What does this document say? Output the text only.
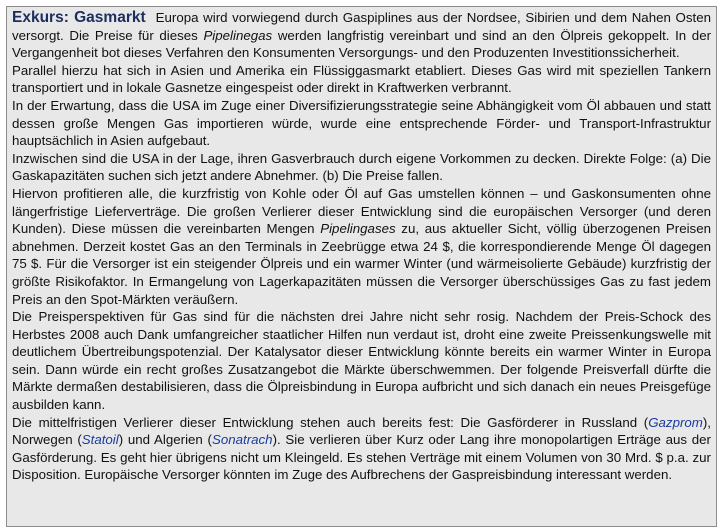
Exkurs: Gasmarkt Europa wird vorwiegend durch Gaspiplines aus der Nordsee, Sibirien und dem Nahen Osten versorgt. Die Preise für dieses Pipelinegas werden langfristig vereinbart und sind an den Ölpreis gekoppelt. In der Vergangenheit bot dieses Verfahren den Konsumenten Versorgungs- und den Produzenten Investitionssicherheit.

Parallel hierzu hat sich in Asien und Amerika ein Flüssiggasmarkt etabliert. Dieses Gas wird mit speziellen Tankern transportiert und in lokale Gasnetze eingespeist oder direkt in Kraftwerken verbrannt.

In der Erwartung, dass die USA im Zuge einer Diversifizierungsstrategie seine Abhängigkeit vom Öl abbauen und statt dessen große Mengen Gas importieren würde, wurde eine entsprechende Förder- und Transport-Infrastruktur hauptsächlich in Asien aufgebaut.

Inzwischen sind die USA in der Lage, ihren Gasverbrauch durch eigene Vorkommen zu decken. Direkte Folge: (a) Die Gaskapazitäten suchen sich jetzt andere Abnehmer. (b) Die Preise fallen.

Hiervon profitieren alle, die kurzfristig von Kohle oder Öl auf Gas umstellen können – und Gaskonsumenten ohne längerfristige Lieferverträge. Die großen Verlierer dieser Entwicklung sind die europäischen Versorger (und deren Kunden). Diese müssen die vereinbarten Mengen Pipelingases zu, aus aktueller Sicht, völlig überzogenen Preisen abnehmen. Derzeit kostet Gas an den Terminals in Zeebrügge etwa 24 $, die korrespondierende Menge Öl dagegen 75 $. Für die Versorger ist ein steigender Ölpreis und ein warmer Winter (und wärmeisolierte Gebäude) kurzfristig der größte Risikofaktor. In Ermangelung von Lagerkapazitäten müssen die Versorger überschüssiges Gas zu fast jedem Preis an den Spot-Märkten veräußern.

Die Preisperspektiven für Gas sind für die nächsten drei Jahre nicht sehr rosig. Nachdem der Preis-Schock des Herbstes 2008 auch Dank umfangreicher staatlicher Hilfen nun verdaut ist, droht eine zweite Preissenkungswelle mit deutlichem Übertreibungspotenzial. Der Katalysator dieser Entwicklung könnte bereits ein warmer Winter in Europa sein. Dann würde ein recht großes Zusatzangebot die Märkte überschwemmen. Der folgende Preisverfall dürfte die Märkte dermaßen destabilisieren, dass die Ölpreisbindung in Europa aufbricht und sich danach ein neues Preisgefüge ausbilden kann.

Die mittelfristigen Verlierer dieser Entwicklung stehen auch bereits fest: Die Gasförderer in Russland (Gazprom), Norwegen (Statoil) und Algerien (Sonatrach). Sie verlieren über Kurz oder Lang ihre monopolartigen Erträge aus der Gasförderung. Es geht hier übrigens nicht um Kleingeld. Es stehen Verträge mit einem Volumen von 30 Mrd. $ p.a. zur Disposition. Europäische Versorger könnten im Zuge des Aufbrechens der Gaspreisbindung interessant werden.
